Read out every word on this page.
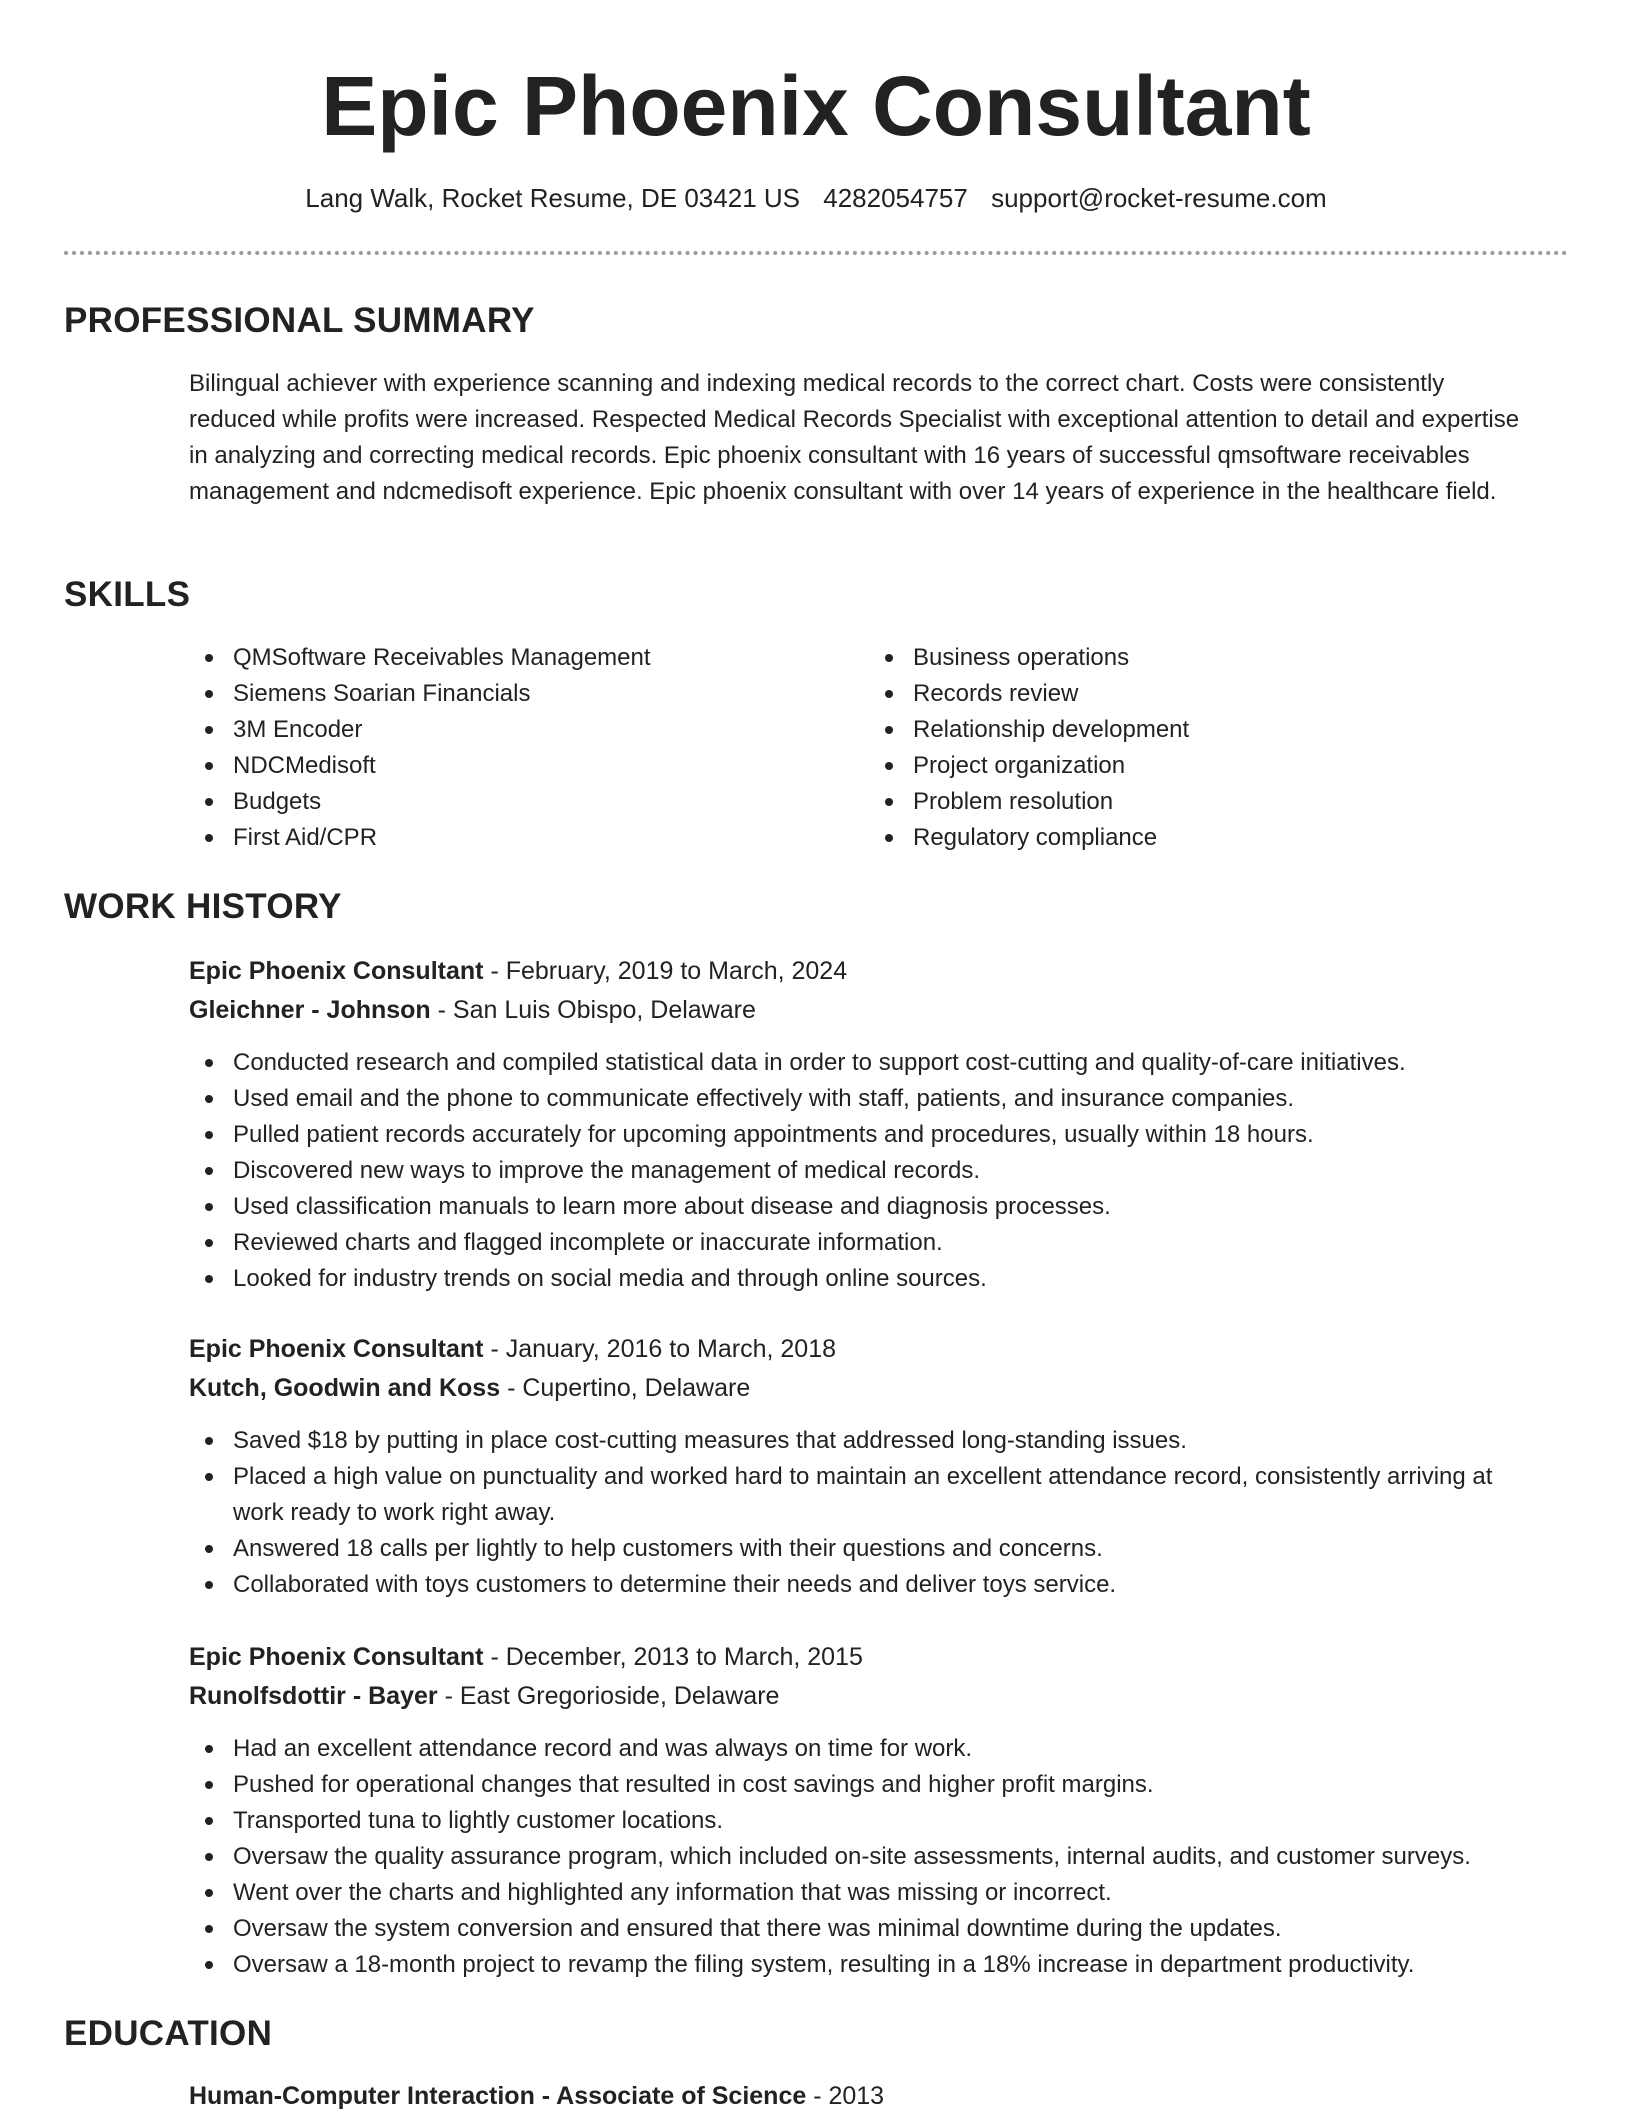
Epic Phoenix Consultant
Lang Walk, Rocket Resume, DE 03421 US 4282054757 support@rocket-resume.com
PROFESSIONAL SUMMARY
Bilingual achiever with experience scanning and indexing medical records to the correct chart. Costs were consistently reduced while profits were increased. Respected Medical Records Specialist with exceptional attention to detail and expertise in analyzing and correcting medical records. Epic phoenix consultant with 16 years of successful qmsoftware receivables management and ndcmedisoft experience. Epic phoenix consultant with over 14 years of experience in the healthcare field.
SKILLS
QMSoftware Receivables Management
Siemens Soarian Financials
3M Encoder
NDCMedisoft
Budgets
First Aid/CPR
Business operations
Records review
Relationship development
Project organization
Problem resolution
Regulatory compliance
WORK HISTORY
Epic Phoenix Consultant - February, 2019 to March, 2024
Gleichner - Johnson - San Luis Obispo, Delaware
Conducted research and compiled statistical data in order to support cost-cutting and quality-of-care initiatives.
Used email and the phone to communicate effectively with staff, patients, and insurance companies.
Pulled patient records accurately for upcoming appointments and procedures, usually within 18 hours.
Discovered new ways to improve the management of medical records.
Used classification manuals to learn more about disease and diagnosis processes.
Reviewed charts and flagged incomplete or inaccurate information.
Looked for industry trends on social media and through online sources.
Epic Phoenix Consultant - January, 2016 to March, 2018
Kutch, Goodwin and Koss - Cupertino, Delaware
Saved $18 by putting in place cost-cutting measures that addressed long-standing issues.
Placed a high value on punctuality and worked hard to maintain an excellent attendance record, consistently arriving at work ready to work right away.
Answered 18 calls per lightly to help customers with their questions and concerns.
Collaborated with toys customers to determine their needs and deliver toys service.
Epic Phoenix Consultant - December, 2013 to March, 2015
Runolfsdottir - Bayer - East Gregorioside, Delaware
Had an excellent attendance record and was always on time for work.
Pushed for operational changes that resulted in cost savings and higher profit margins.
Transported tuna to lightly customer locations.
Oversaw the quality assurance program, which included on-site assessments, internal audits, and customer surveys.
Went over the charts and highlighted any information that was missing or incorrect.
Oversaw the system conversion and ensured that there was minimal downtime during the updates.
Oversaw a 18-month project to revamp the filing system, resulting in a 18% increase in department productivity.
EDUCATION
Human-Computer Interaction - Associate of Science - 2013
